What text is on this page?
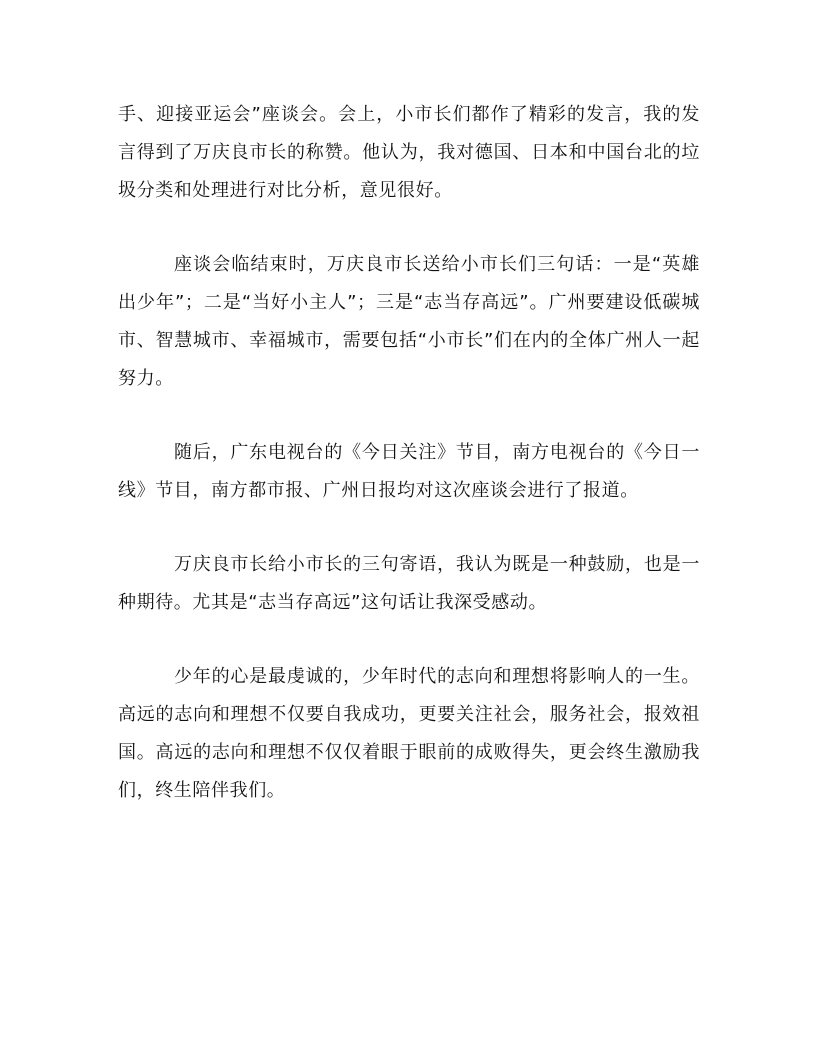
手、迎接亚运会”座谈会。会上，小市长们都作了精彩的发言，我的发言得到了万庆良市长的称赞。他认为，我对德国、日本和中国台北的垃圾分类和处理进行对比分析，意见很好。

座谈会临结束时，万庆良市长送给小市长们三句话：一是“英雄出少年”；二是“当好小主人”；三是“志当存高远”。广州要建设低碳城市、智慧城市、幸福城市，需要包括“小市长”们在内的全体广州人一起努力。

随后，广东电视台的《今日关注》节目，南方电视台的《今日一线》节目，南方都市报、广州日报均对这次座谈会进行了报道。

万庆良市长给小市长的三句寄语，我认为既是一种鼓励，也是一种期待。尤其是“志当存高远”这句话让我深受感动。

少年的心是最虔诚的，少年时代的志向和理想将影响人的一生。高远的志向和理想不仅要自我成功，更要关注社会，服务社会，报效祖国。高远的志向和理想不仅仅着眼于眼前的成败得失，更会终生激励我们，终生陪伴我们。
